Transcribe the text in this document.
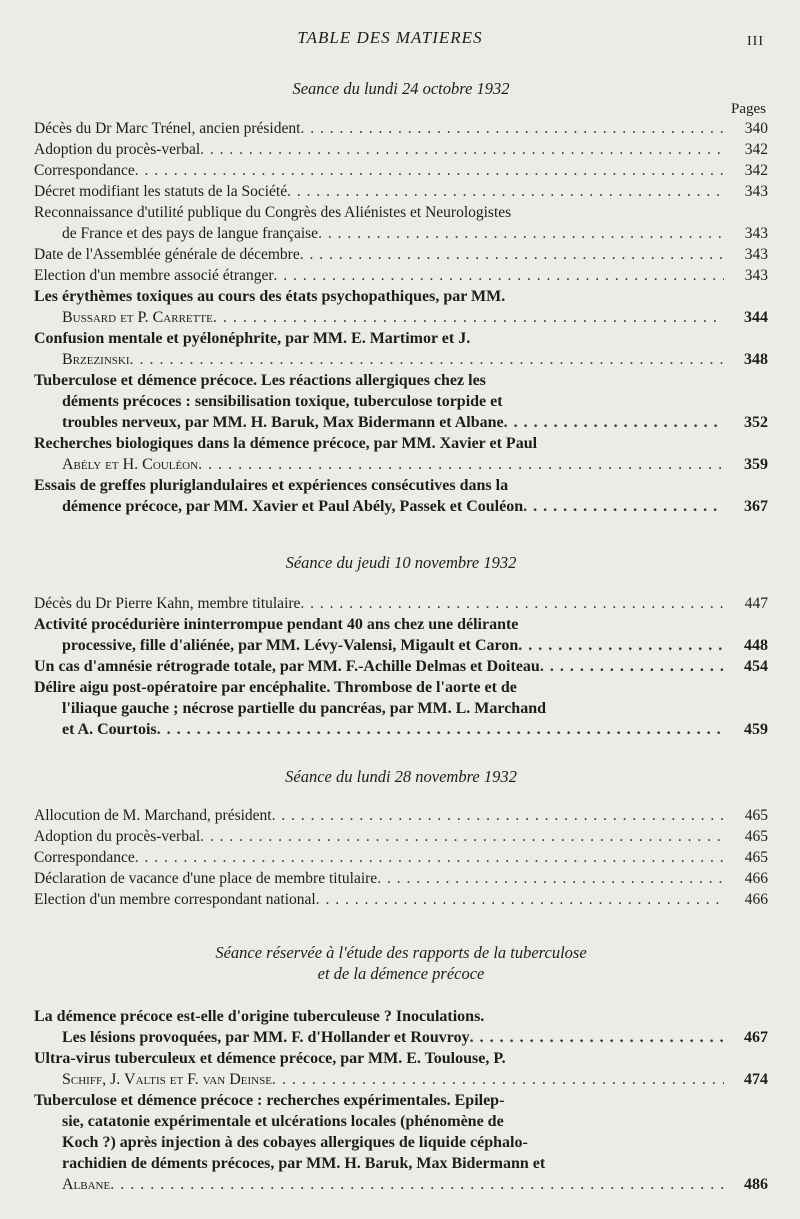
TABLE DES MATIERES	III
Seance du lundi 24 octobre 1932
Pages
Décès du Dr Marc Trénel, ancien président . . .	340
Adoption du procès-verbal . . .	342
Correspondance . . .	342
Décret modifiant les statuts de la Société . . .	343
Reconnaissance d'utilité publique du Congrès des Aliénistes et Neurologistes
de France et des pays de langue française . . .	343
Date de l'Assemblée générale de décembre . . .	343
Election d'un membre associé étranger . . .	343
Les érythèmes toxiques au cours des états psychopathiques, par MM.
Bussard et P. Carrette . . .	344
Confusion mentale et pyélonéphrite, par MM. E. Martimor et J.
Brzezinski . . .	348
Tuberculose et démence précoce. Les réactions allergiques chez les
déments précoces : sensibilisation toxique, tuberculose torpide et
troubles nerveux, par MM. H. Baruk, Max Bidermann et Albane . . .	352
Recherches biologiques dans la démence précoce, par MM. Xavier et Paul
Abély et H. Couléon . . .	359
Essais de greffes pluriglandulaires et expériences consécutives dans la
démence précoce, par MM. Xavier et Paul Abély, Passek et Couléon . . .	367
Séance du jeudi 10 novembre 1932
Décès du Dr Pierre Kahn, membre titulaire . . .	447
Activité procédurière ininterrompue pendant 40 ans chez une délirante
processive, fille d'aliénée, par MM. Lévy-Valensi, Migault et Caron . . .	448
Un cas d'amnésie rétrograde totale, par MM. F.-Achille Delmas et Doiteau . . .	454
Délire aigu post-opératoire par encéphalite. Thrombose de l'aorte et de
l'iliaque gauche ; nécrose partielle du pancréas, par MM. L. Marchand
et A. Courtois . . .	459
Séance du lundi 28 novembre 1932
Allocution de M. Marchand, président . . .	465
Adoption du procès-verbal . . .	465
Correspondance . . .	465
Déclaration de vacance d'une place de membre titulaire . . .	466
Election d'un membre correspondant national . . .	466
Séance réservée à l'étude des rapports de la tuberculose
et de la démence précoce
La démence précoce est-elle d'origine tuberculeuse ? Inoculations.
Les lésions provoquées, par MM. F. d'Hollander et Rouvroy . . .	467
Ultra-virus tuberculeux et démence précoce, par MM. E. Toulouse, P.
Schiff, J. Valtis et F. van Deinse . . .	474
Tuberculose et démence précoce : recherches expérimentales. Epilep-
sie, catatonie expérimentale et ulcérations locales (phénomène de
Koch ?) après injection à des cobayes allergiques de liquide céphalo-
rachidien de déments précoces, par MM. H. Baruk, Max Bidermann et
Albane . . .	486
